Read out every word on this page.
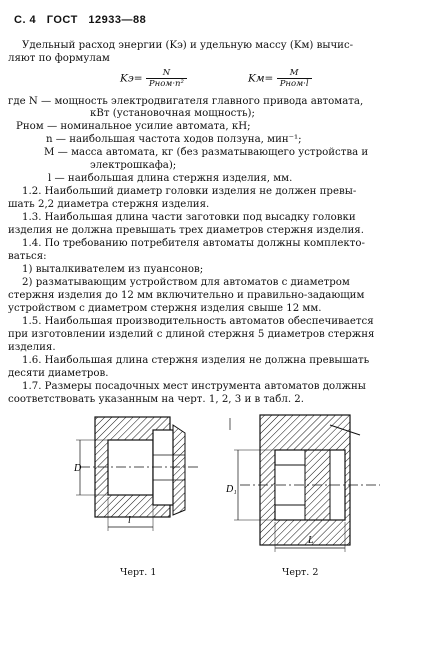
С. 4 ГОСТ 12933—88
Удельный расход энергии (Kэ) и удельную массу (Kм) вычис-
ляют по формулам
$Kэ= \frac{N}{\text{Pном·n²}}$	$Kм= \frac{M}{\text{Pном·l}}$
где N — мощность электродвигателя главного привода автомата,
кВт (установочная мощность);
Pном — номинальное усилие автомата, кН;
n — наибольшая частота ходов ползуна, мин⁻¹;
M — масса автомата, кг (без разматывающего устройства и
электрошкафа);
l — наибольшая длина стержня изделия, мм.
1.2. Наибольший диаметр головки изделия не должен превы-
шать 2,2 диаметра стержня изделия.
1.3. Наибольшая длина части заготовки под высадку головки
изделия не должна превышать трех диаметров стержня изделия.
1.4. По требованию потребителя автоматы должны комплекто-
ваться:
1) выталкивателем из пуансонов;
2) разматывающим устройством для автоматов с диаметром
стержня изделия до 12 мм включительно и правильно-задающим
устройством с диаметром стержня изделия свыше 12 мм.
1.5. Наибольшая производительность автоматов обеспечивается
при изготовлении изделий с длиной стержня 5 диаметров стержня
изделия.
1.6. Наибольшая длина стержня изделия не должна превышать
десяти диаметров.
1.7. Размеры посадочных мест инструмента автоматов должны
соответствовать указанным на черт. 1, 2, 3 и в табл. 2.
D
l
D₁
L
Черт. 1	Черт. 2
